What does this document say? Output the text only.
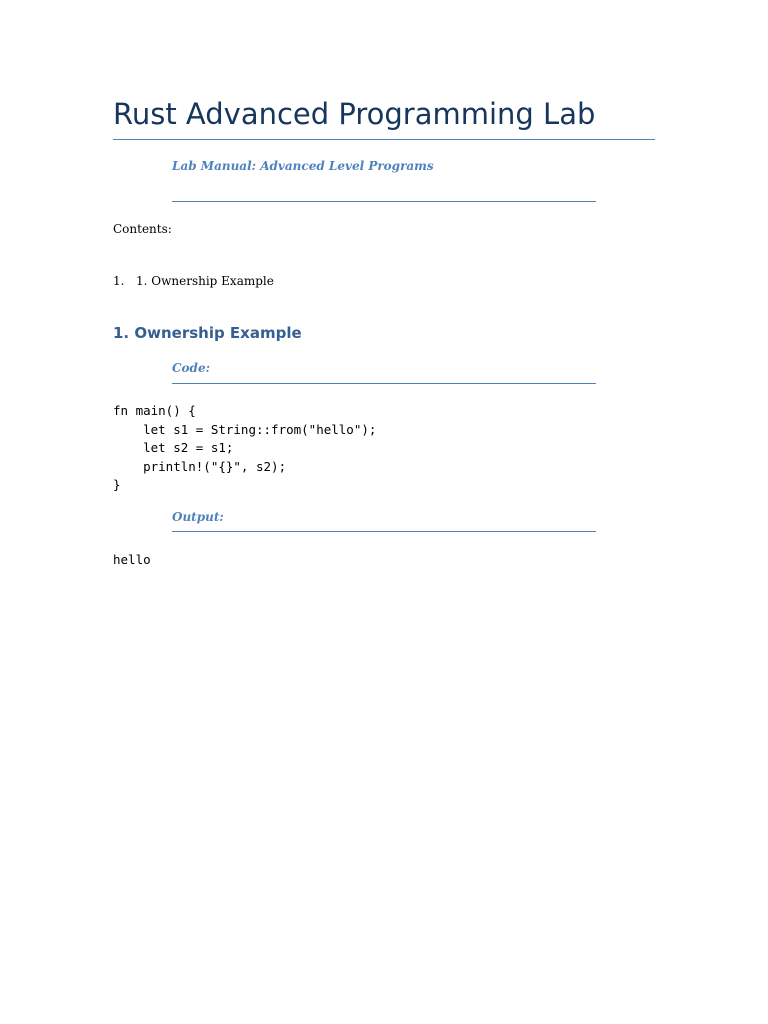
Rust Advanced Programming Lab
Lab Manual: Advanced Level Programs
Contents:
1. 1. Ownership Example
1. Ownership Example
Code:
fn main() {
let s1 = String::from("hello");
let s2 = s1;
println!("{}", s2);
}
Output:
hello
